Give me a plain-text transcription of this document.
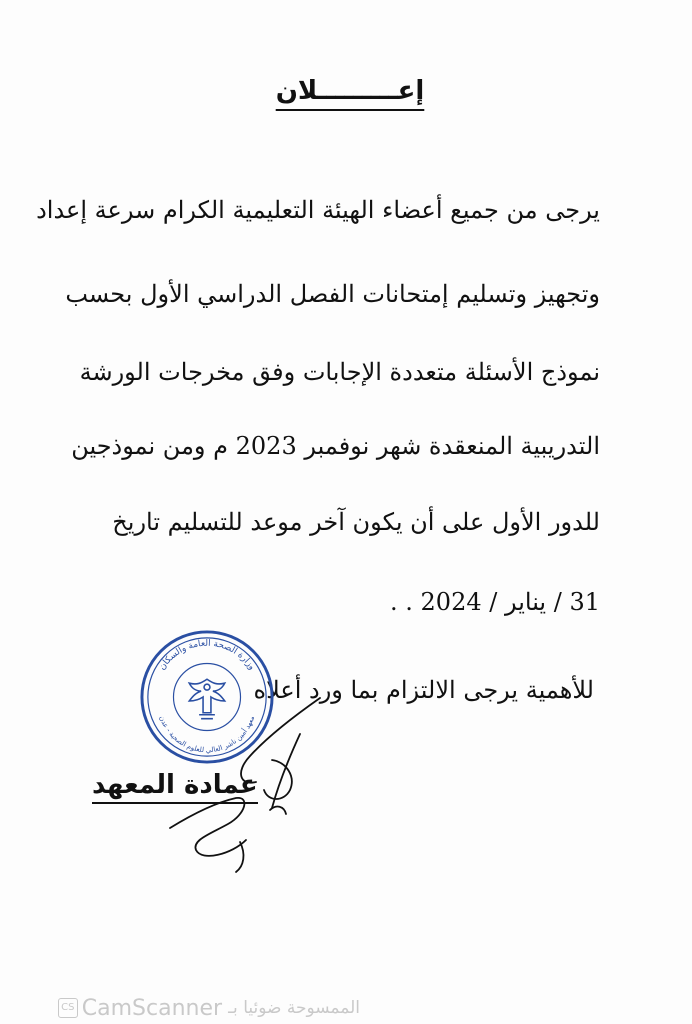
إعـــــــــلان
يرجى من جميع أعضاء الهيئة التعليمية الكرام سرعة إعداد
وتجهيز وتسليم إمتحانات الفصل الدراسي الأول بحسب
نموذج الأسئلة متعددة الإجابات وفق مخرجات الورشة
التدريبية المنعقدة شهر نوفمبر 2023 م ومن نموذجين
للدور الأول على أن يكون آخر موعد للتسليم تاريخ
31 / يناير / 2024 . .
للأهمية يرجى الالتزام بما ورد أعلاه
وزارة الصحة العامة والسكان
معهد أمين ناشر العالي للعلوم الصحية - عدن
عمادة المعهد
الممسوحة ضوئيا بـ
CamScanner
CS
